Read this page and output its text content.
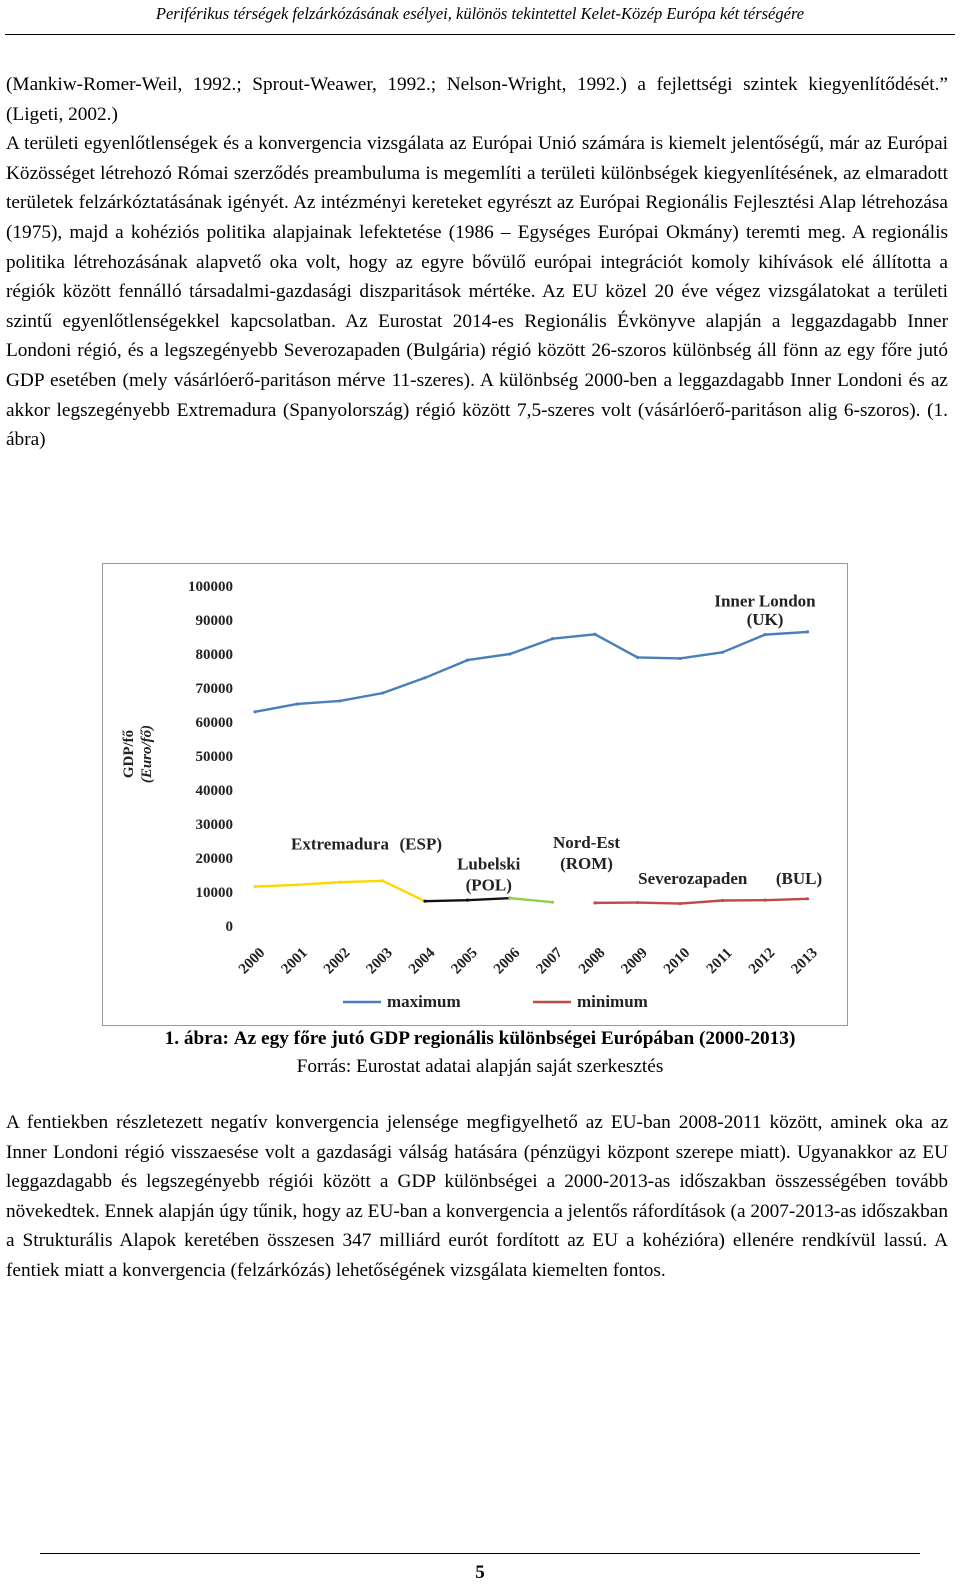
Periférikus térségek felzárkózásának esélyei, különös tekintettel Kelet-Közép Európa két térségére

(Mankiw-Romer-Weil, 1992.; Sprout-Weawer, 1992.; Nelson-Wright, 1992.) a fejlettségi szintek kiegyenlítődését.” (Ligeti, 2002.)

A területi egyenlőtlenségek és a konvergencia vizsgálata az Európai Unió számára is kiemelt jelentőségű, már az Európai Közösséget létrehozó Római szerződés preambuluma is megemlíti a területi különbségek kiegyenlítésének, az elmaradott területek felzárkóztatásának igényét. Az intézményi kereteket egyrészt az Európai Regionális Fejlesztési Alap létrehozása (1975), majd a kohéziós politika alapjainak lefektetése (1986 – Egységes Európai Okmány) teremti meg. A regionális politika létrehozásának alapvető oka volt, hogy az egyre bővülő európai integrációt komoly kihívások elé állította a régiók között fennálló társadalmi-gazdasági diszparitások mértéke. Az EU közel 20 éve végez vizsgálatokat a területi szintű egyenlőtlenségekkel kapcsolatban. Az Eurostat 2014-es Regionális Évkönyve alapján a leggazdagabb Inner Londoni régió, és a legszegényebb Severozapaden (Bulgária) régió között 26-szoros különbség áll fönn az egy főre jutó GDP esetében (mely vásárlóerő-paritáson mérve 11-szeres). A különbség 2000-ben a leggazdagabb Inner Londoni és az akkor legszegényebb Extremadura (Spanyolország) régió között 7,5-szeres volt (vásárlóerő-paritáson alig 6-szoros). (1. ábra)

0
10000
20000
30000
40000
50000
60000
70000
80000
90000
100000
2000 2001 2002 2003 2004 2005 2006 2007 2008 2009 2010 2011 2012 2013
GDP/fő (Euro/fő)
Inner London
(UK)
Extremadura (ESP)
Lubelski
(POL)
Nord-Est
(ROM)
Severozapaden (BUL)
maximum	minimum
1. ábra: Az egy főre jutó GDP regionális különbségei Európában (2000-2013)
Forrás: Eurostat adatai alapján saját szerkesztés

A fentiekben részletezett negatív konvergencia jelensége megfigyelhető az EU-ban 2008-2011 között, aminek oka az Inner Londoni régió visszaesése volt a gazdasági válság hatására (pénzügyi központ szerepe miatt). Ugyanakkor az EU leggazdagabb és legszegényebb régiói között a GDP különbségei a 2000-2013-as időszakban összességében tovább növekedtek. Ennek alapján úgy tűnik, hogy az EU-ban a konvergencia a jelentős ráfordítások (a 2007-2013-as időszakban a Strukturális Alapok keretében összesen 347 milliárd eurót fordított az EU a kohézióra) ellenére rendkívül lassú. A fentiek miatt a konvergencia (felzárkózás) lehetőségének vizsgálata kiemelten fontos.

5
